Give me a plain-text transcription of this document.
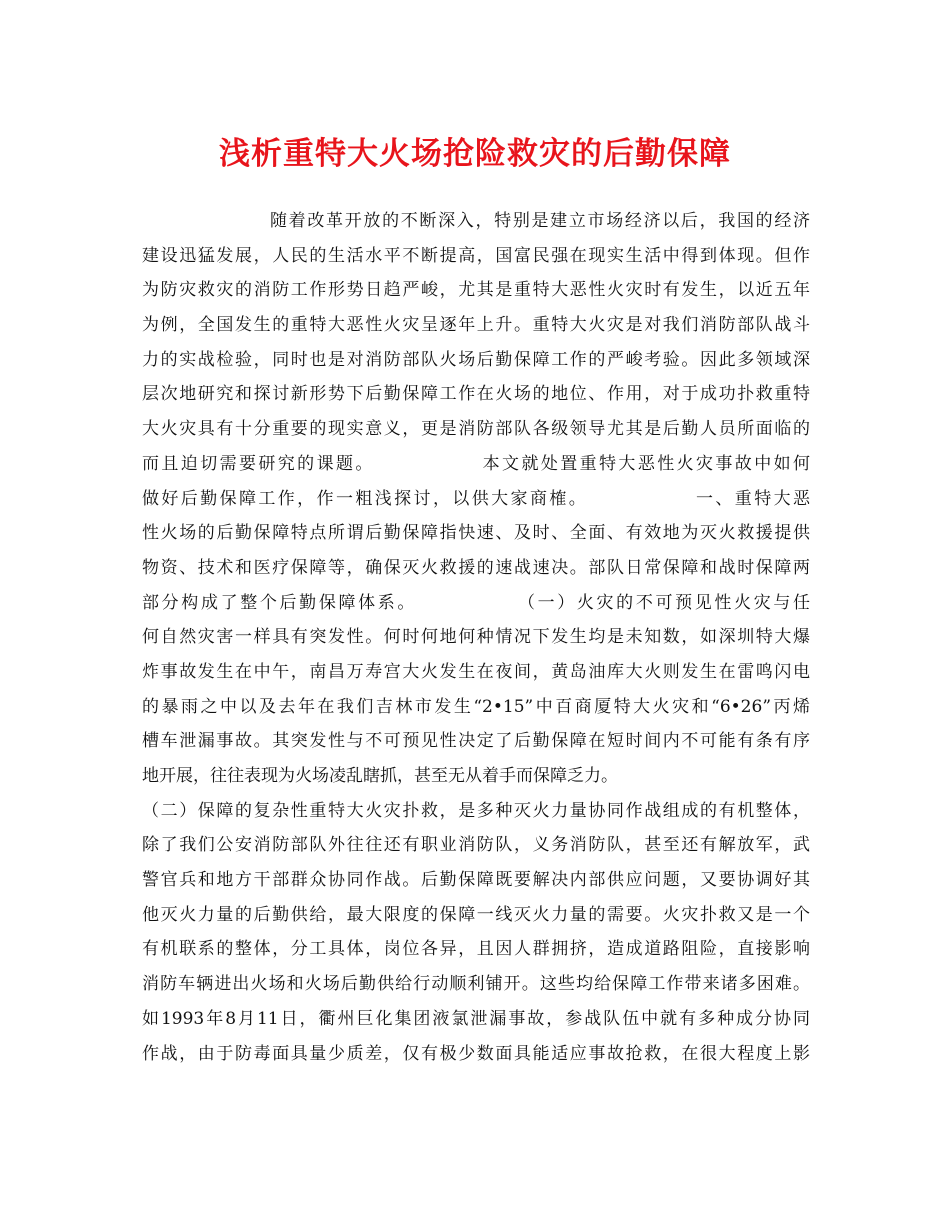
浅析重特大火场抢险救灾的后勤保障
随着改革开放的不断深入，特别是建立市场经济以后，我国的经济
建设迅猛发展，人民的生活水平不断提高，国富民强在现实生活中得到体现。但作
为防灾救灾的消防工作形势日趋严峻，尤其是重特大恶性火灾时有发生，以近五年
为例，全国发生的重特大恶性火灾呈逐年上升。重特大火灾是对我们消防部队战斗
力的实战检验，同时也是对消防部队火场后勤保障工作的严峻考验。因此多领域深
层次地研究和探讨新形势下后勤保障工作在火场的地位、作用，对于成功扑救重特
大火灾具有十分重要的现实意义，更是消防部队各级领导尤其是后勤人员所面临的
而且迫切需要研究的课题。　　　　　　本文就处置重特大恶性火灾事故中如何
做好后勤保障工作，作一粗浅探讨，以供大家商榷。　　　　　　一、重特大恶
性火场的后勤保障特点所谓后勤保障指快速、及时、全面、有效地为灭火救援提供
物资、技术和医疗保障等，确保灭火救援的速战速决。部队日常保障和战时保障两
部分构成了整个后勤保障体系。　　　　　　（一）火灾的不可预见性火灾与任
何自然灾害一样具有突发性。何时何地何种情况下发生均是未知数，如深圳特大爆
炸事故发生在中午，南昌万寿宫大火发生在夜间，黄岛油库大火则发生在雷鸣闪电
的暴雨之中以及去年在我们吉林市发生“2•15”中百商厦特大火灾和“6•26”丙烯
槽车泄漏事故。其突发性与不可预见性决定了后勤保障在短时间内不可能有条有序
地开展，往往表现为火场凌乱瞎抓，甚至无从着手而保障乏力。
（二）保障的复杂性重特大火灾扑救，是多种灭火力量协同作战组成的有机整体，
除了我们公安消防部队外往往还有职业消防队，义务消防队，甚至还有解放军，武
警官兵和地方干部群众协同作战。后勤保障既要解决内部供应问题，又要协调好其
他灭火力量的后勤供给，最大限度的保障一线灭火力量的需要。火灾扑救又是一个
有机联系的整体，分工具体，岗位各异，且因人群拥挤，造成道路阻险，直接影响
消防车辆进出火场和火场后勤供给行动顺利铺开。这些均给保障工作带来诸多困难。
如1993年8月11日，衢州巨化集团液氯泄漏事故，参战队伍中就有多种成分协同
作战，由于防毒面具量少质差，仅有极少数面具能适应事故抢救，在很大程度上影
